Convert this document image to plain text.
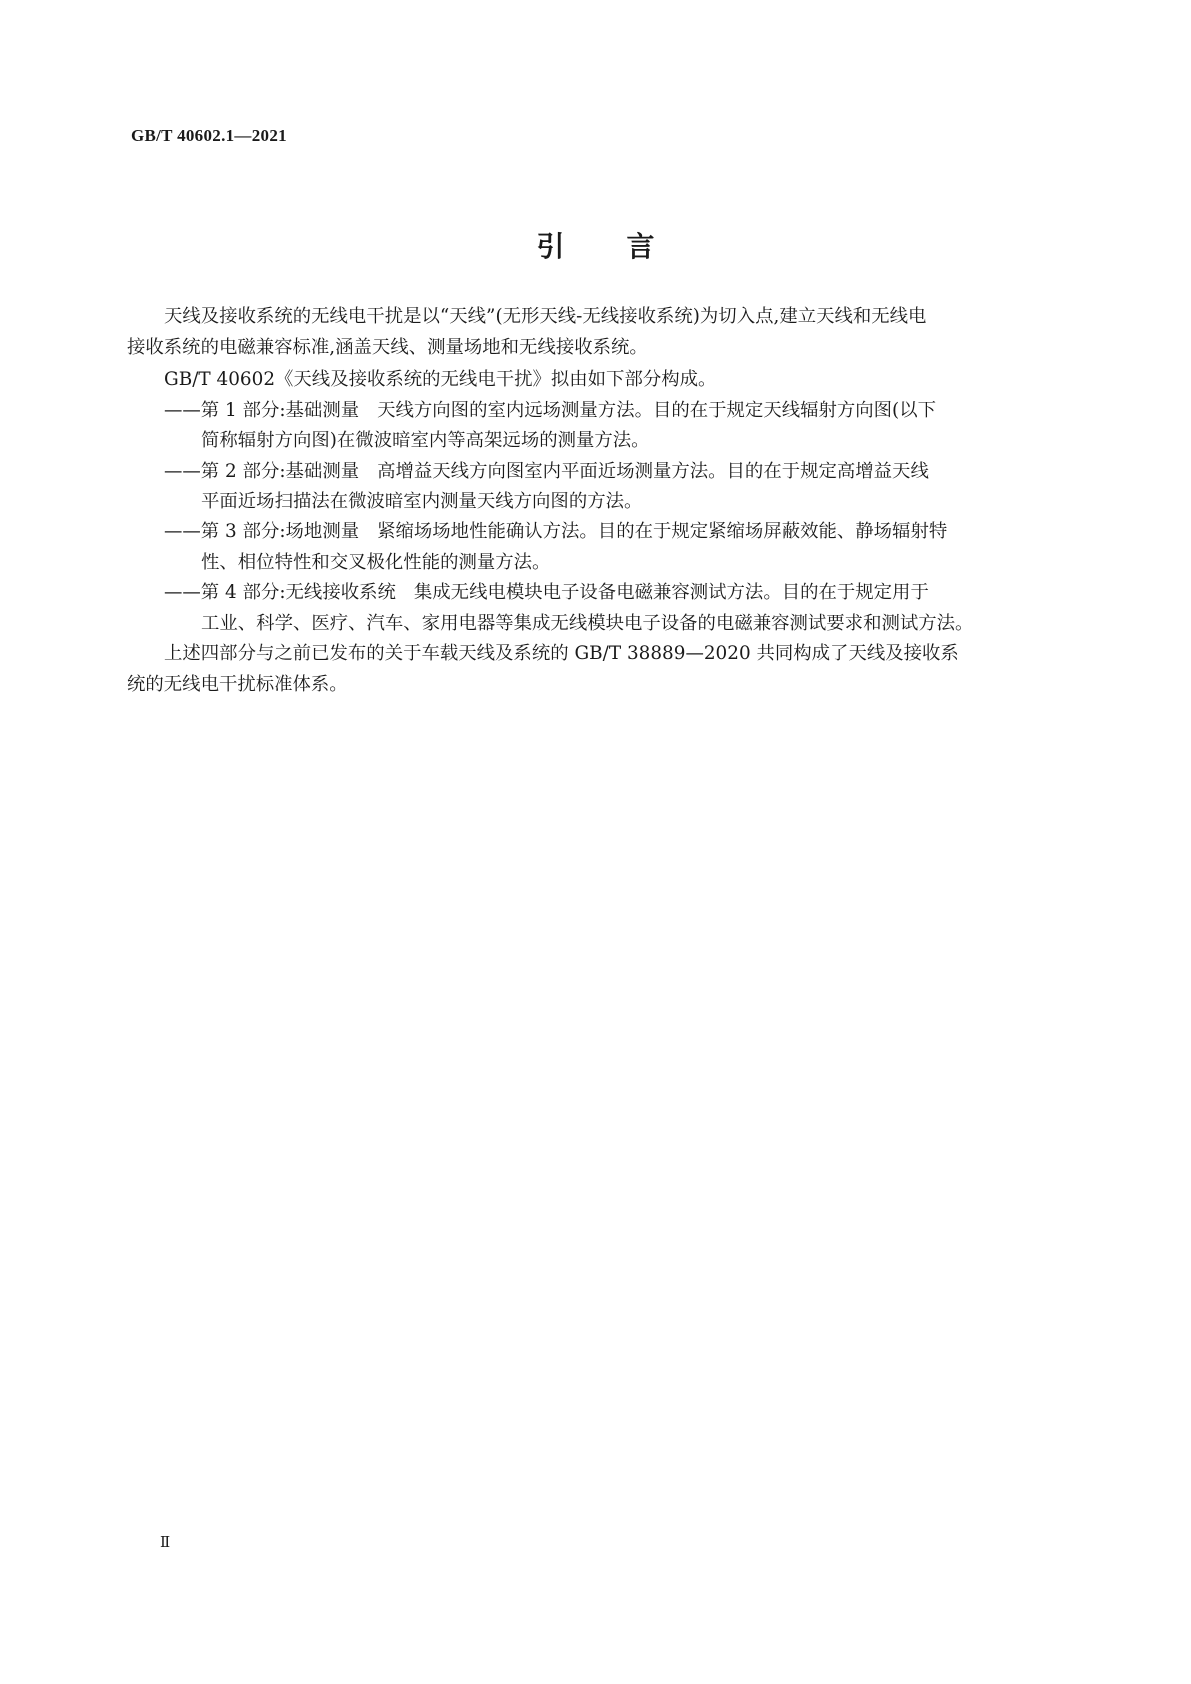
GB/T 40602.1—2021
引言
天线及接收系统的无线电干扰是以“天线”(无形天线-无线接收系统)为切入点,建立天线和无线电
接收系统的电磁兼容标准,涵盖天线、测量场地和无线接收系统。
GB/T 40602《天线及接收系统的无线电干扰》拟由如下部分构成。
——第 1 部分:基础测量 天线方向图的室内远场测量方法。目的在于规定天线辐射方向图(以下
简称辐射方向图)在微波暗室内等高架远场的测量方法。
——第 2 部分:基础测量 高增益天线方向图室内平面近场测量方法。目的在于规定高增益天线
平面近场扫描法在微波暗室内测量天线方向图的方法。
——第 3 部分:场地测量 紧缩场场地性能确认方法。目的在于规定紧缩场屏蔽效能、静场辐射特
性、相位特性和交叉极化性能的测量方法。
——第 4 部分:无线接收系统 集成无线电模块电子设备电磁兼容测试方法。目的在于规定用于
工业、科学、医疗、汽车、家用电器等集成无线模块电子设备的电磁兼容测试要求和测试方法。
上述四部分与之前已发布的关于车载天线及系统的 GB/T 38889—2020 共同构成了天线及接收系
统的无线电干扰标准体系。
Ⅱ
